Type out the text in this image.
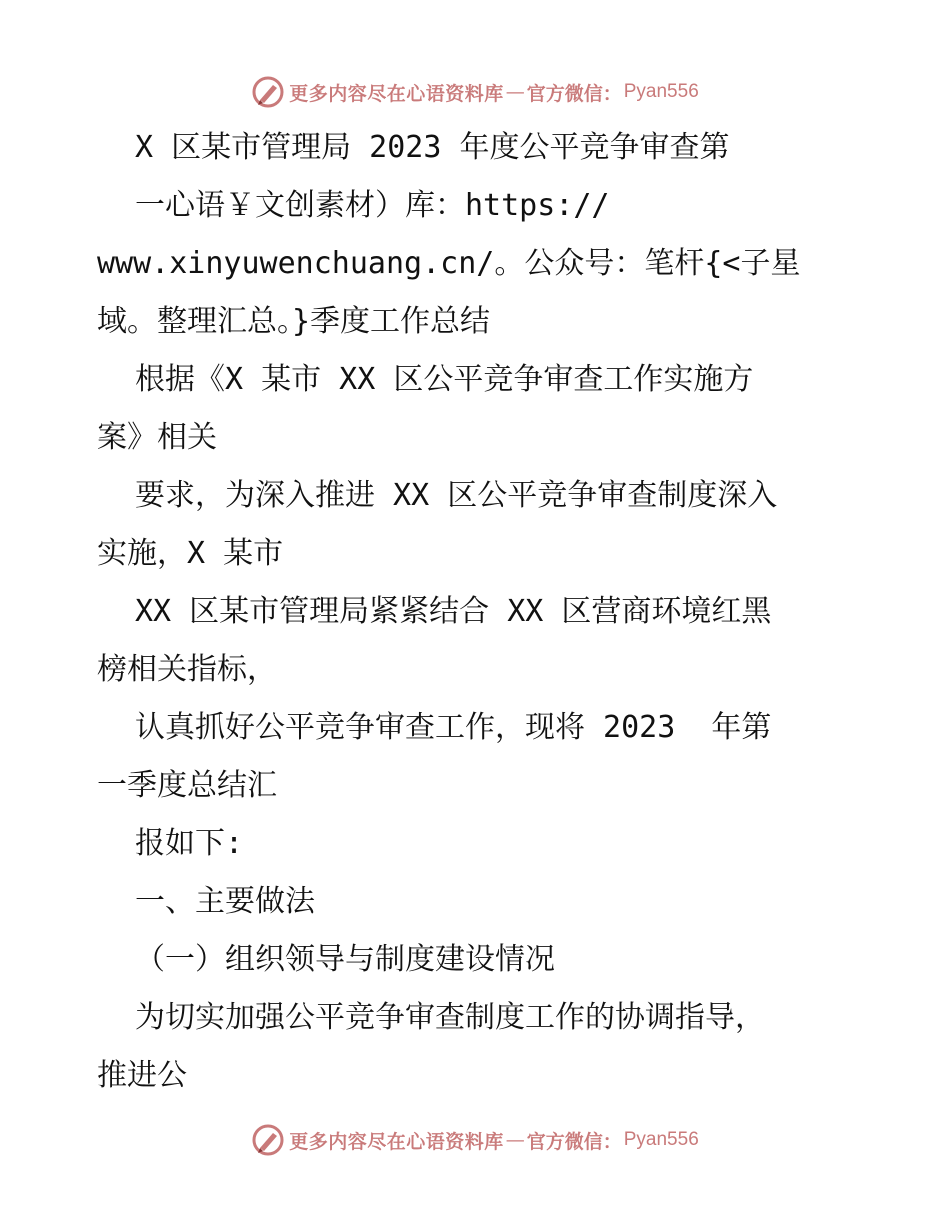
更多内容尽在心语资料库 — 官方微信： Pyan556
X 区某市管理局 2023 年度公平竞争审查第
一心语￥文创素材）库：https://
www.xinyuwenchuang.cn/。公众号：笔杆{<子星
域。整理汇总。}季度工作总结
根据《X 某市 XX 区公平竞争审查工作实施方
案》相关
要求，为深入推进 XX 区公平竞争审查制度深入
实施，X 某市
XX 区某市管理局紧紧结合 XX 区营商环境红黑
榜相关指标，
认真抓好公平竞争审查工作，现将 2023  年第
一季度总结汇
报如下:
一、主要做法
（一）组织领导与制度建设情况
为切实加强公平竞争审查制度工作的协调指导，
推进公
更多内容尽在心语资料库 — 官方微信： Pyan556
